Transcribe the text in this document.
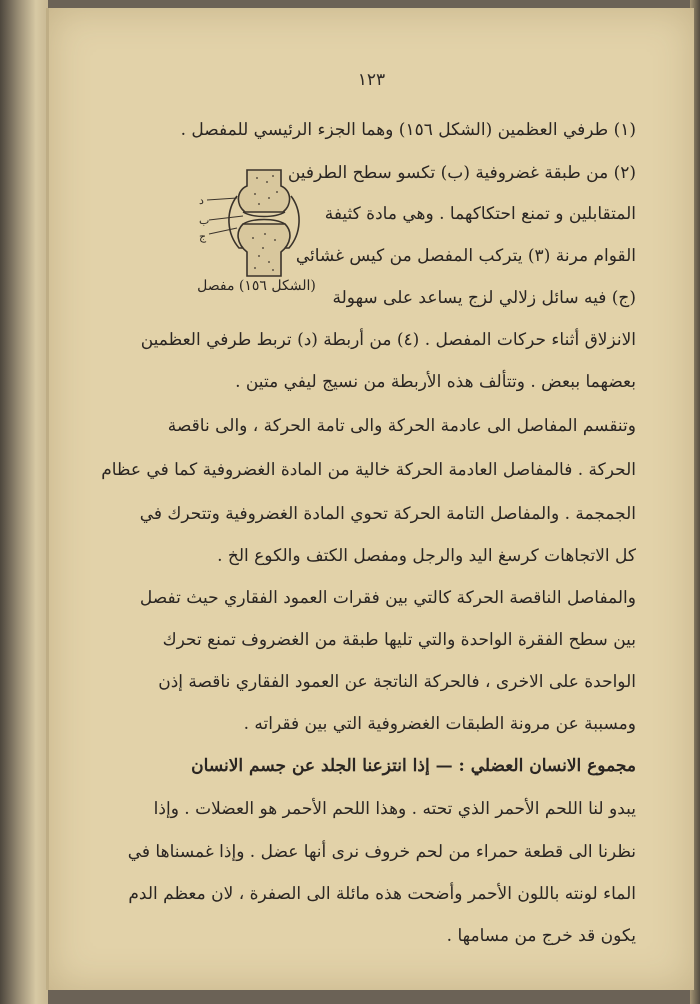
١٢٣
(١) طرفي العظمين (الشكل ١٥٦) وهما الجزء الرئيسي للمفصل .
(٢) من طبقة غضروفية (ب) تكسو سطح الطرفين
المتقابلين و تمنع احتكاكهما . وهي مادة كثيفة
القوام مرنة (٣) يتركب المفصل من كيس غشائي
(ج) فيه سائل زلالي لزج يساعد على سهولة
الانزلاق أثناء حركات المفصل . (٤) من أربطة (د) تربط طرفي العظمين
بعضهما ببعض . وتتألف هذه الأربطة من نسيج ليفي متين .
وتنقسم المفاصل الى عادمة الحركة والى تامة الحركة ، والى ناقصة
الحركة . فالمفاصل العادمة الحركة خالية من المادة الغضروفية كما في عظام
الجمجمة . والمفاصل التامة الحركة تحوي المادة الغضروفية وتتحرك في
كل الاتجاهات كرسغ اليد والرجل ومفصل الكتف والكوع الخ .
والمفاصل الناقصة الحركة كالتي بين فقرات العمود الفقاري حيث تفصل
بين سطح الفقرة الواحدة والتي تليها طبقة من الغضروف تمنع تحرك
الواحدة على الاخرى ، فالحركة الناتجة عن العمود الفقاري ناقصة إذن
ومسببة عن مرونة الطبقات الغضروفية التي بين فقراته .
مجموع الانسان العضلي : — إذا انتزعنا الجلد عن جسم الانسان
يبدو لنا اللحم الأحمر الذي تحته . وهذا اللحم الأحمر هو العضلات . وإذا
نظرنا الى قطعة حمراء من لحم خروف نرى أنها عضل . وإذا غمسناها في
الماء لونته باللون الأحمر وأضحت هذه مائلة الى الصفرة ، لان معظم الدم
يكون قد خرج من مسامها .
د
ب
ج
(الشكل ١٥٦) مفصل
